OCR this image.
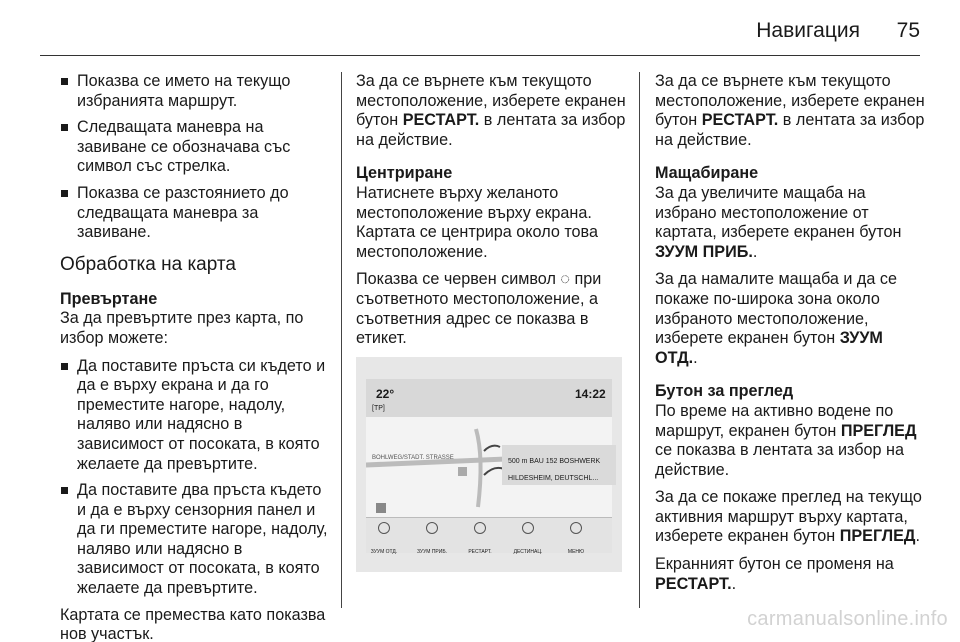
Навигация 75
Показва се името на текущо избранията маршрут.
Следващата маневра на завиване се обозначава със символ със стрелка.
Показва се разстоянието до следващата маневра за завиване.
Обработка на карта
Превъртане
За да превъртите през карта, по избор можете:
Да поставите пръста си където и да е върху екрана и да го преместите нагоре, надолу, наляво или надясно в зависимост от посоката, в която желаете да превъртите.
Да поставите два пръста където и да е върху сензорния панел и да ги преместите нагоре, надолу, наляво или надясно в зависимост от посоката, в която желаете да превъртите.
Картата се премества като показва нов участък.
За да се върнете към текущото местоположение, изберете екранен бутон РЕСТАРТ. в лентата за избор на действие.
Центриране
Натиснете върху желаното местоположение върху екрана. Картата се центрира около това местоположение.
Показва се червен символ ◌ при съответното местоположение, а съответния адрес се показва в етикет.
22°
[TP]
14:22
BOHLWEG/STADT. STRASSE	500 m BAU 152 BOSHWERK
HILDESHEIM, DEUTSCHL...
ЗУУМ ОТД.	ЗУУМ ПРИБ.	РЕСТАРТ.	ДЕСТИНАЦ.	МЕНЮ
За да се върнете към текущото местоположение, изберете екранен бутон РЕСТАРТ. в лентата за избор на действие.
Мащабиране
За да увеличите мащаба на избрано местоположение от картата, изберете екранен бутон ЗУУМ ПРИБ..
За да намалите мащаба и да се покаже по-широка зона около избраното местоположение, изберете екранен бутон ЗУУМ ОТД..
Бутон за преглед
По време на активно водене по маршрут, екранен бутон ПРЕГЛЕД се показва в лентата за избор на действие.
За да се покаже преглед на текущо активния маршрут върху картата, изберете екранен бутон ПРЕГЛЕД.
Екранният бутон се променя на РЕСТАРТ..
carmanualsonline.info
